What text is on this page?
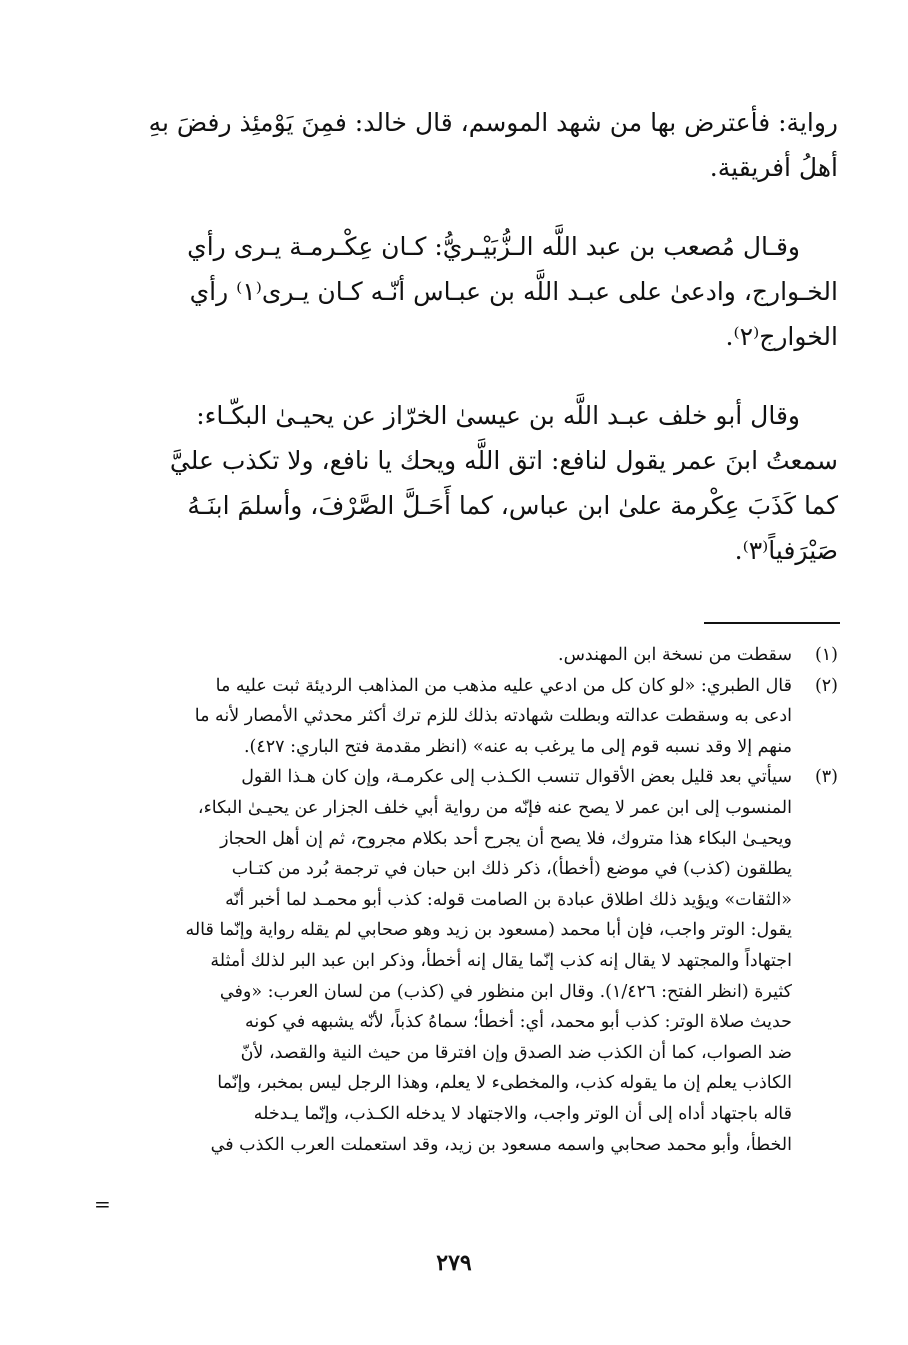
رواية: فأعترض بها من شهد الموسم، قال خالد: فمِنَ يَوْمئِذ رفضَ بهِ

أهلُ أفريقية.

وقـال مُصعب بن عبد اللَّه الـزُّبَيْـريُّ: كـان عِكْـرمـة يـرى رأي

الخـوارج، وادعىٰ على عبـد اللَّه بن عبـاس أنّـه كـان يـرى⁽١⁾ رأي

الخوارج⁽٢⁾.

وقال أبو خلف عبـد اللَّه بن عيسىٰ الخرّاز عن يحيـىٰ البكّـاء:

سمعتُ ابنَ عمر يقول لنافع: اتق اللَّه ويحك يا نافع، ولا تكذب عليَّ

كما كَذَبَ عِكْرمة علىٰ ابن عباس، كما أَحَـلَّ الصَّرْفَ، وأسلمَ ابنَـهُ

صَيْرَفياً⁽٣⁾.

(١)
سقطت من نسخة ابن المهندس.
(٢)
قال الطبري: «لو كان كل من ادعي عليه مذهب من المذاهب الرديئة ثبت عليه ما
ادعى به وسقطت عدالته وبطلت شهادته بذلك للزم ترك أكثر محدثي الأمصار لأنه ما
منهم إلا وقد نسبه قوم إلى ما يرغب به عنه» (انظر مقدمة فتح الباري: ٤٢٧).
(٣)
سيأتي بعد قليل بعض الأقوال تنسب الكـذب إلى عكرمـة، وإن كان هـذا القول
المنسوب إلى ابن عمر لا يصح عنه فإنّه من رواية أبي خلف الجزار عن يحيـىٰ البكاء،
ويحيـىٰ البكاء هذا متروك، فلا يصح أن يجرح أحد بكلام مجروح، ثم إن أهل الحجاز
يطلقون (كذب) في موضع (أخطأ)، ذكر ذلك ابن حبان في ترجمة بُرد من كتـاب
«الثقات» ويؤيد ذلك اطلاق عبادة بن الصامت قوله: كذب أبو محمـد لما أخبر أنّه
يقول: الوتر واجب، فإن أبا محمد (مسعود بن زيد وهو صحابي لم يقله رواية وإنّما قاله
اجتهاداً والمجتهد لا يقال إنه كذب إنّما يقال إنه أخطأ، وذكر ابن عبد البر لذلك أمثلة
كثيرة (انظر الفتح: ١/٤٢٦). وقال ابن منظور في (كذب) من لسان العرب: «وفي
حديث صلاة الوتر: كذب أبو محمد، أي: أخطأ؛ سماهُ كذباً، لأنّه يشبهه في كونه
ضد الصواب، كما أن الكذب ضد الصدق وإن افترقا من حيث النية والقصد، لأنّ
الكاذب يعلم إن ما يقوله كذب، والمخطىء لا يعلم، وهذا الرجل ليس بمخبر، وإنّما
قاله باجتهاد أداه إلى أن الوتر واجب، والاجتهاد لا يدخله الكـذب، وإنّما يـدخله
الخطأ، وأبو محمد صحابي واسمه مسعود بن زيد، وقد استعملت العرب الكذب في
=
٢٧٩
